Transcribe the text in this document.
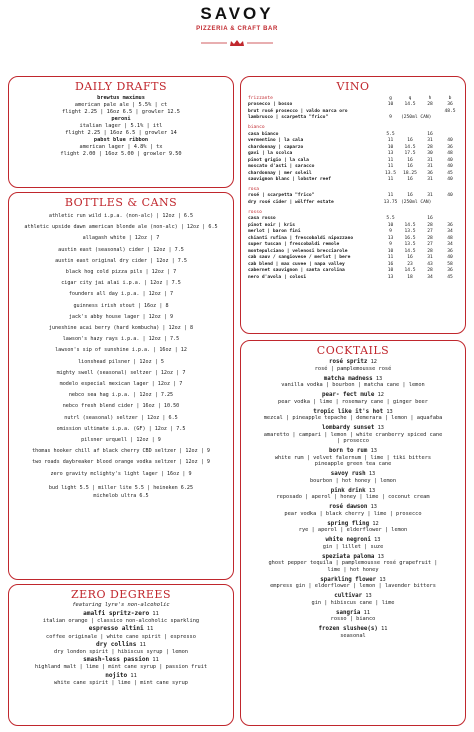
SAVOY
PIZZERIA & CRAFT BAR
DAILY DRAFTS
brewtus maximus
american pale ale | 5.5% | ct
flight 2.25 | 16oz 6.5 | growler 12.5
peroni
italian lager | 5.1% | itl
flight 2.25 | 16oz 6.5 | growler 14
pabst blue ribbon
american lager | 4.8% | tx
flight 2.00 | 16oz 5.00 | growler 9.50
BOTTLES & CANS
athletic run wild i.p.a. (non-alc) | 12oz | 6.5
athletic upside dawn american blonde ale (non-alc) | 12oz | 6.5
allagash white | 12oz | 7
austin east (seasonal) cider | 12oz | 7.5
austin east original dry cider | 12oz | 7.5
black hog cold pizza pils | 12oz | 7
cigar city jai alai i.p.a. | 12oz | 7.5
founders all day i.p.a. | 12oz | 7
guinness irish stout | 16oz | 8
jack's abby house lager | 12oz | 9
juneshine acai berry (hard kombucha) | 12oz | 8
lawson's hazy rays i.p.a. | 12oz | 7.5
lawson's sip of sunshine i.p.a. | 16oz | 12
lionshead pilsner | 12oz | 5
mighty swell (seasonal) seltzer | 12oz | 7
modelo especial mexican lager | 12oz | 7
nebco sea hag i.p.a. | 12oz | 7.25
nebco fresh blend cider | 16oz | 10.50
nutrl (seasonal) seltzer | 12oz | 6.5
omission ultimate i.p.a. (GF) | 12oz | 7.5
pilsner urquell | 12oz | 9
thomas hooker chill af black cherry CBD seltzer | 12oz | 9
two roads daybreaker blood orange vodka seltzer | 12oz | 9
zero gravity mclighty's light lager | 16oz | 9
bud light 5.5 | miller lite 5.5 | heineken 6.25
michelob ultra 6.5
ZERO DEGREES
featuring lyre's non-alcoholic
amalfi spritz-zero 11
italian orange | classico non-alcoholic sparkling
espresso altini 11
coffee originale | white cane spirit | espresso
dry collins 11
dry london spirit | hibiscus syrup | lemon
smash-less passion 11
highland malt | lime | mint cane syrup | passion fruit
nojito 11
white cane spirit | lime | mint cane syrup
VINO
frizzante	g	q	h	b
prosecco | bosso	10	14.5	28	36
brut rosé prosecco | valdo marca oro				48.5
lambrusco | scarpetta "frico"	9	(250ml CAN)		
bianco				
casa bianco	5.5		16	
vermentino | la cala	11	16	31	40
chardonnay | caparzo	10	14.5	28	36
gavi | la scolca	13	17.5	30	48
pinot grigio | la cala	11	16	31	40
moscato d'asti | saracco	11	16	31	40
chardonnay | mer soleil	13.5	18.25	36	45
sauvignon blanc | lobster reef	11	16	31	40
rosa				
rosé | scarpetta "frico"	11	16	31	40
dry rosé cider | wölffer estate	13.75	(250ml CAN)		
rosso				
casa rosso	5.5		16	
pinot noir | kris	10	14.5	28	36
merlot | baron fini	9	13.5	27	34
chianti rufina | frescobaldi nipozzano	13	16.5	28	48
super tuscan | frescobaldi remole	9	13.5	27	34
montepulciano | velenosi brecciarole	10	14.5	28	36
cab sauv / sangiovese / merlot | bere	11	16	31	40
cab blend | max cuvee | napa valley	16	23	43	58
cabernet sauvignon | santa carolina	10	14.5	28	36
nero d'avola | colosi	13	18	34	45
COCKTAILS
rosé spritz 12
rosé | pamplemousse rosé
matcha madness 13
vanilla vodka | bourbon | matcha cane | lemon
pear- fect mule 12
pear vodka | lime | rosemary cane | ginger beer
tropic like it's hot 13
mezcal | pineapple tepache | demerara | lemon | aquafaba
lombardy sunset 13
amaretto | campari | lemon | white cranberry spiced cane | prosecco
born to rum 13
white rum | velvet falernum | lime | tiki bitters pineapple green tea cane
savoy rush 13
bourbon | hot honey | lemon
pink drink 13
reposado | aperol | honey | lime | coconut cream
rosé dawson 13
pear vodka | black cherry | lime | prosecco
spring fling 12
rye | aperol | elderflower | lemon
white negroni 13
gin | lillet | suze
speziata paloma 13
ghost pepper tequila | pamplemousse rosé grapefruit | lime | hot honey
sparkling flower 13
empress gin | elderflower | lemon | lavender bitters
cultivar 13
gin | hibiscus cane | lime
sangria 11
rosso | bianco
frozen slushee(s) 11
seasonal
